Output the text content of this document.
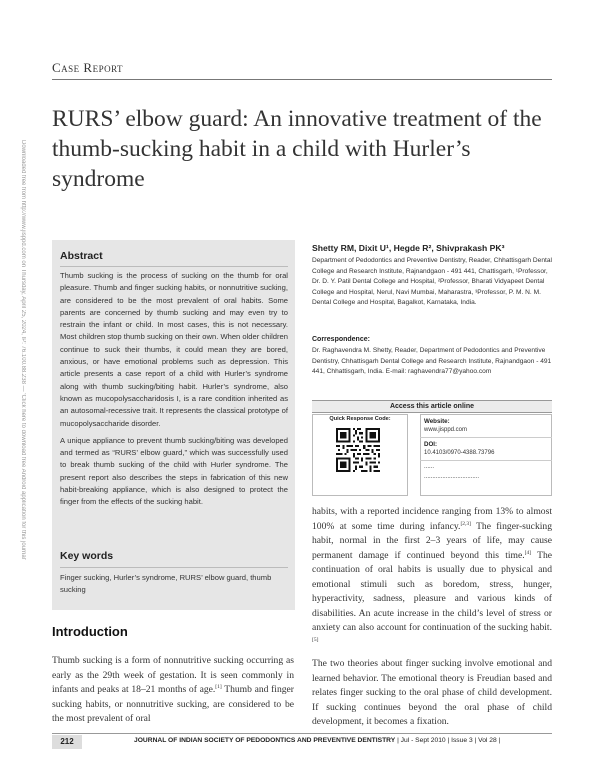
Case Report
RURS’ elbow guard: An innovative treatment of the thumb-sucking habit in a child with Hurler’s syndrome
Downloaded free from http://www.jisppd.com on Thursday, April 25, 2024, IP: 76.100.88.238 — ‘Click here to download free Android application for this journal’	Abstract

Thumb sucking is the process of sucking on the thumb for oral pleasure. Thumb and finger sucking habits, or nonnutritive sucking, are considered to be the most prevalent of oral habits. Some parents are concerned by thumb sucking and may even try to restrain the infant or child. In most cases, this is not necessary. Most children stop thumb sucking on their own. When older children continue to suck their thumbs, it could mean they are bored, anxious, or have emotional problems such as depression. This article presents a case report of a child with Hurler’s syndrome along with thumb sucking/biting habit. Hurler’s syndrome, also known as mucopolysaccharidosis I, is a rare condition inherited as an autosomal-recessive trait. It represents the classical prototype of mucopolysaccharide disorder.

A unique appliance to prevent thumb sucking/biting was developed and termed as “RURS’ elbow guard,” which was successfully used to break thumb sucking of the child with Hurler syndrome. The present report also describes the steps in fabrication of this new habit-breaking appliance, which is also designed to protect the finger from the effects of the sucking habit.

Key words
Finger sucking, Hurler’s syndrome, RURS’ elbow guard, thumb sucking
Introduction
Thumb sucking is a form of nonnutritive sucking occurring as early as the 29th week of gestation. It is seen commonly in infants and peaks at 18–21 months of age.[1] Thumb and finger sucking habits, or nonnutritive sucking, are considered to be the most prevalent of oral
Shetty RM, Dixit U¹, Hegde R², Shivprakash PK³
Department of Pedodontics and Preventive Dentistry, Reader, Chhattisgarh Dental College and Research Institute, Rajnandgaon - 491 441, Chattisgarh, ¹Professor, Dr. D. Y. Patil Dental College and Hospital, ²Professor, Bharati Vidyapeet Dental College and Hospital, Nerul, Navi Mumbai, Maharastra, ³Professor, P. M. N. M. Dental College and Hospital, Bagalkot, Karnataka, India.
Correspondence:
Dr. Raghavendra M. Shetty, Reader, Department of Pedodontics and Preventive Dentistry, Chhattisgarh Dental College and Research Institute, Rajnandgaon - 491 441, Chhattisgarh, India. E-mail: raghavendra77@yahoo.com
Access this article online
Quick Response Code:	Website:
www.jisppd.com
DOI:
10.4103/0970-4388.73796
......
.................................

habits, with a reported incidence ranging from 13% to almost 100% at some time during infancy.[2,3] The finger-sucking habit, normal in the first 2–3 years of life, may cause permanent damage if continued beyond this time.[4] The continuation of oral habits is usually due to physical and emotional stimuli such as boredom, stress, hunger, hyperactivity, sadness, pleasure and various kinds of disabilities. An acute increase in the child’s level of stress or anxiety can also account for continuation of the sucking habit.[5]

The two theories about finger sucking involve emotional and learned behavior. The emotional theory is Freudian based and relates finger sucking to the oral phase of child development. If sucking continues beyond the oral phase of child development, it becomes a fixation.

212	JOURNAL OF INDIAN SOCIETY OF PEDODONTICS AND PREVENTIVE DENTISTRY | Jul - Sept 2010 | Issue 3 | Vol 28 |
